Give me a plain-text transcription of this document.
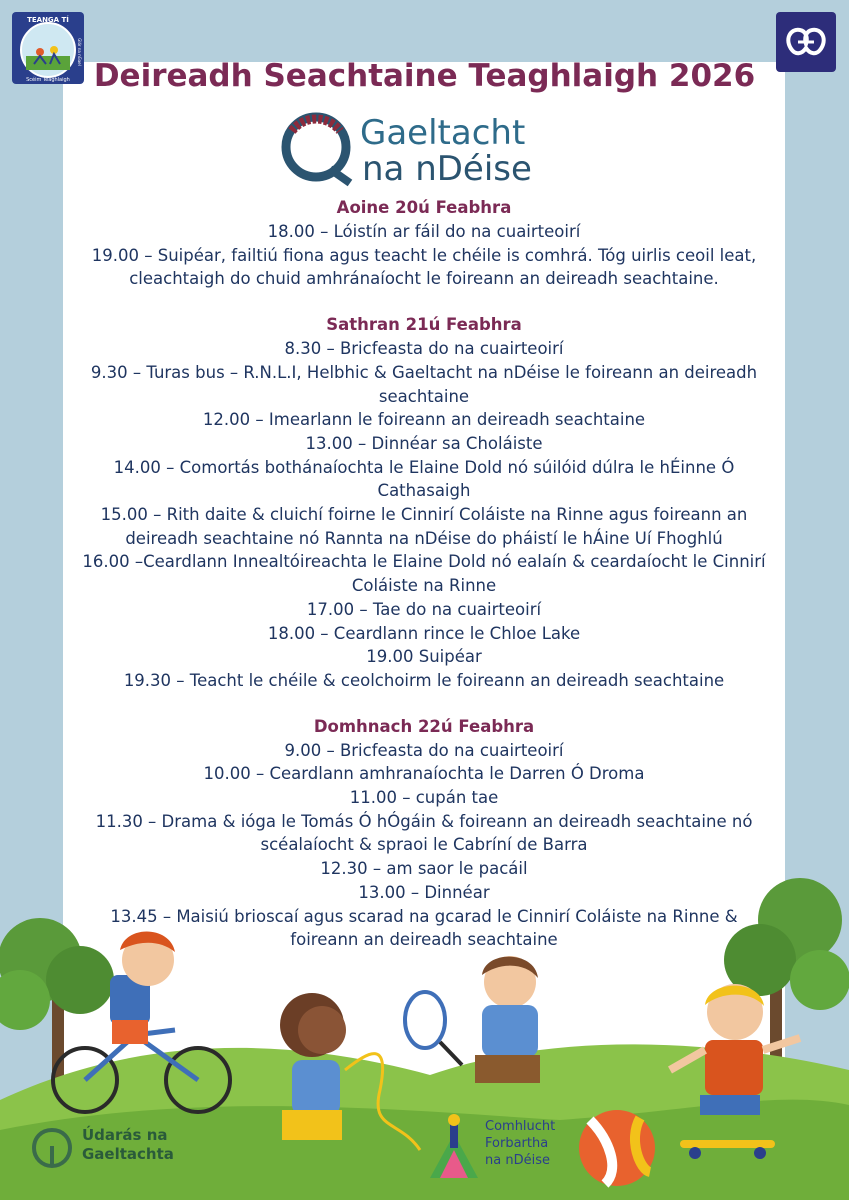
TEANGA TÍ
Scéim Teaghlaigh
Glór na nGael
Deireadh Seachtaine Teaghlaigh 2026
Gaeltacht
na nDéise

Aoine 20ú Feabhra

18.00 – Lóistín ar fáil do na cuairteoirí

19.00 – Suipéar, failtiú fiona agus teacht le chéile is comhrá. Tóg uirlis ceoil leat,

cleachtaigh do chuid amhránaíocht le foireann an deireadh seachtaine.

Sathran 21ú Feabhra

8.30 – Bricfeasta do na cuairteoirí

9.30 – Turas bus – R.N.L.I, Helbhic & Gaeltacht na nDéise le foireann an deireadh

seachtaine

12.00 – Imearlann le foireann an deireadh seachtaine

13.00 – Dinnéar sa Choláiste

14.00 – Comortás bothánaíochta le Elaine Dold nó súilóid dúlra le hÉinne Ó

Cathasaigh

15.00 – Rith daite & cluichí foirne le Cinnirí Coláiste na Rinne agus foireann an

deireadh seachtaine nó Rannta na nDéise do pháistí le hÁine Uí Fhoghlú

16.00 –Ceardlann Innealtóireachta le Elaine Dold nó ealaín & ceardaíocht le Cinnirí

Coláiste na Rinne

17.00 – Tae do na cuairteoirí

18.00 – Ceardlann rince le Chloe Lake

19.00 Suipéar

19.30 – Teacht le chéile & ceolchoirm le foireann an deireadh seachtaine

Domhnach 22ú Feabhra

9.00 – Bricfeasta do na cuairteoirí

10.00 – Ceardlann amhranaíochta le Darren Ó Droma

11.00 – cupán tae

11.30 – Drama & ióga le Tomás Ó hÓgáin & foireann an deireadh seachtaine nó

scéalaíocht & spraoi le Cabríní de Barra

12.30 – am saor le pacáil

13.00 – Dinnéar

13.45 – Maisiú brioscaí agus scarad na gcarad le Cinnirí Coláiste na Rinne &

foireann an deireadh seachtaine

Údarás na
Gaeltachta
Comhlucht
Forbartha
na nDéise
